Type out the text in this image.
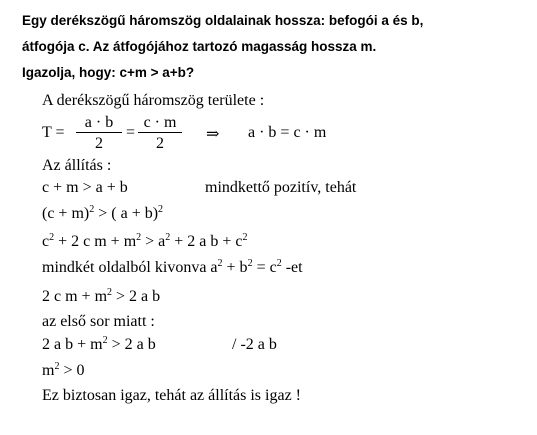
Egy derékszögű háromszög oldalainak hossza: befogói a és b,
átfogója c. Az átfogójához tartozó magasság hossza m.
Igazolja, hogy: c+m > a+b?
A derékszögű háromszög területe :
T =
a · b
2
=
c · m
2
⇒ a · b = c · m
Az állítás :
c + m > a + b	mindkettő pozitív, tehát
$(c + m)^2$ > ( a + b)$^2$
$c^2 + 2$ c $m + m^2 > a^2 + 2$ a $b + c^2$
mindkét oldalból kivonva $a^2 + b^2 = c^2$ -et
2 c $m + m^2 > 2$ a b
az első sor miatt :
2 a $b + m^2 > 2$ a b	/ -2 a b
$m^2 > 0$
Ez biztosan igaz, tehát az állítás is igaz !
